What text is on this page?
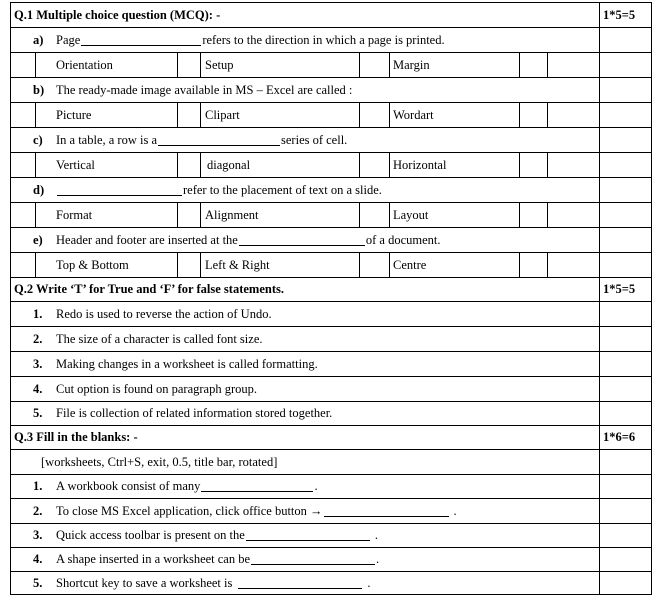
Q.1 Multiple choice question (MCQ): -	1*5=5
a) Page	refers to the direction in which a page is printed.
Orientation	Setup	Margin
b) The ready-made image available in MS – Excel are called :
Picture	Clipart	Wordart
c) In a table, a row is a	series of cell.
Vertical	diagonal	Horizontal
d)	refer to the placement of text on a slide.
Format	Alignment	Layout
e) Header and footer are inserted at the	of a document.
Top & Bottom	Left & Right	Centre
Q.2 Write ‘T’ for True and ‘F’ for false statements.	1*5=5
1. Redo is used to reverse the action of Undo.
2. The size of a character is called font size.
3. Making changes in a worksheet is called formatting.
4. Cut option is found on paragraph group.
5. File is collection of related information stored together.
Q.3 Fill in the blanks: -	1*6=6
[worksheets, Ctrl+S, exit, 0.5, title bar, rotated]
1. A workbook consist of many	.
2. To close MS Excel application, click office button →	.
3. Quick access toolbar is present on the	.
4. A shape inserted in a worksheet can be	.
5. Shortcut key to save a worksheet is	.
